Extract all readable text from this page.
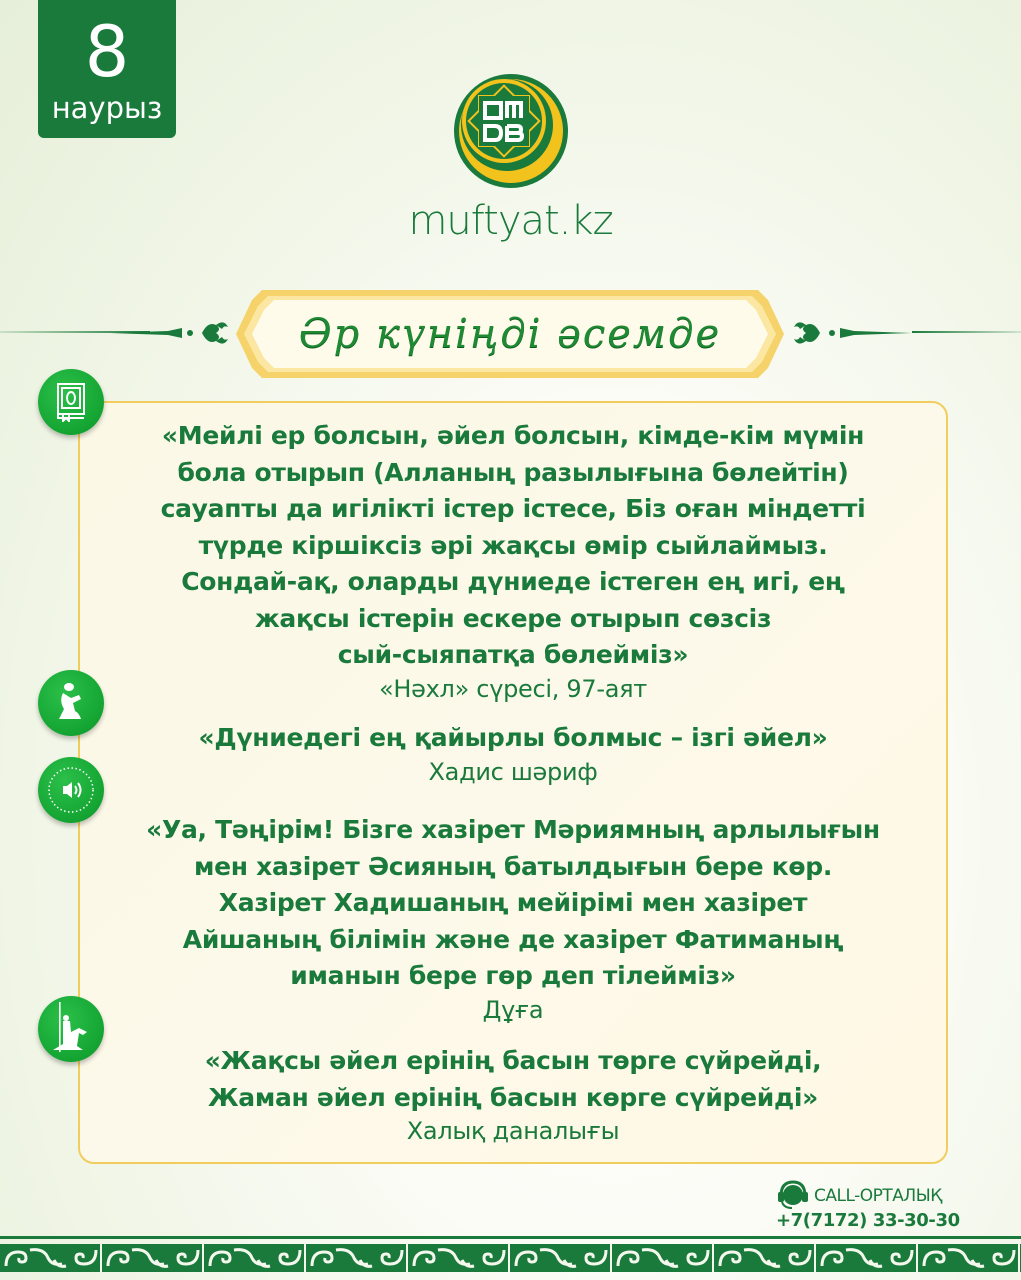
8
наурыз
muftyat.kz
Әр күніңді әсемде
«Мейлі ер болсын, әйел болсын, кімде-кім мүмін
бола отырып (Алланың разылығына бөлейтін)
сауапты да игілікті істер істесе, Біз оған міндетті
түрде кіршіксіз әрі жақсы өмір сыйлаймыз.
Сондай-ақ, оларды дүниеде істеген ең игі, ең
жақсы істерін ескере отырып сөзсіз
сый-сыяпатқа бөлейміз»
«Нәхл» сүресі, 97-аят
«Дүниедегі ең қайырлы болмыс – ізгі әйел»
Хадис шәриф
«Уа, Тәңірім! Бізге хазірет Мәриямның арлылығын
мен хазірет Әсияның батылдығын бере көр.
Хазірет Хадишаның мейірімі мен хазірет
Айшаның білімін және де хазірет Фатиманың
иманын бере гөр деп тілейміз»
Дұға
«Жақсы әйел ерінің басын төрге сүйрейді,
Жаман әйел ерінің басын көрге сүйрейді»
Халық даналығы
CALL-ОРТАЛЫҚ
+7(7172) 33-30-30
